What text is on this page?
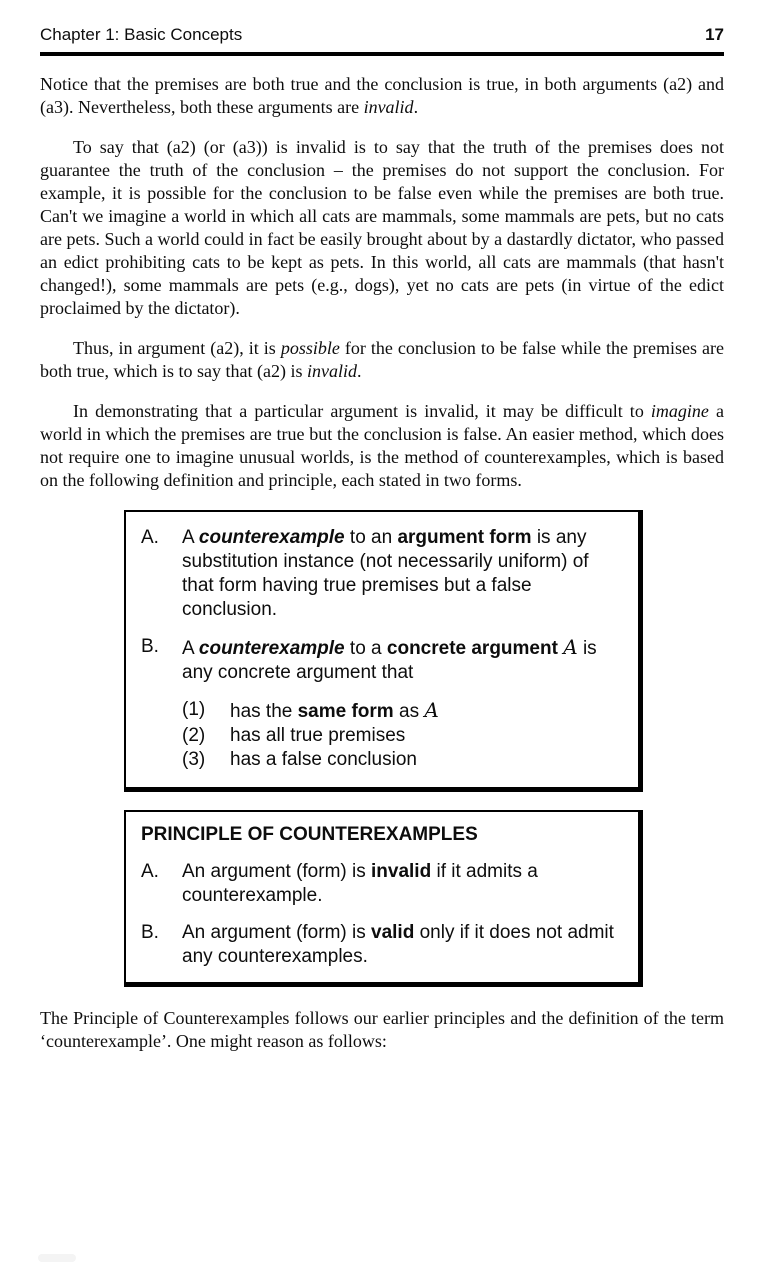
Chapter 1: Basic Concepts	17

Notice that the premises are both true and the conclusion is true, in both arguments (a2) and (a3). Nevertheless, both these arguments are invalid.

To say that (a2) (or (a3)) is invalid is to say that the truth of the premises does not guarantee the truth of the conclusion – the premises do not support the conclusion. For example, it is possible for the conclusion to be false even while the premises are both true. Can't we imagine a world in which all cats are mammals, some mammals are pets, but no cats are pets. Such a world could in fact be easily brought about by a dastardly dictator, who passed an edict prohibiting cats to be kept as pets. In this world, all cats are mammals (that hasn't changed!), some mammals are pets (e.g., dogs), yet no cats are pets (in virtue of the edict proclaimed by the dictator).

Thus, in argument (a2), it is possible for the conclusion to be false while the premises are both true, which is to say that (a2) is invalid.

In demonstrating that a particular argument is invalid, it may be difficult to imagine a world in which the premises are true but the conclusion is false. An easier method, which does not require one to imagine unusual worlds, is the method of counterexamples, which is based on the following definition and principle, each stated in two forms.

A.	A counterexample to an argument form is any substitution instance (not necessarily uniform) of that form having true premises but a false conclusion.
B.	A counterexample to a concrete argument A is any concrete argument that
(1)	has the same form as A
(2)	has all true premises
(3)	has a false conclusion
PRINCIPLE OF COUNTEREXAMPLES
A.	An argument (form) is invalid if it admits a counterexample.
B.	An argument (form) is valid only if it does not admit any counterexamples.

The Principle of Counterexamples follows our earlier principles and the definition of the term ‘counterexample’. One might reason as follows:
